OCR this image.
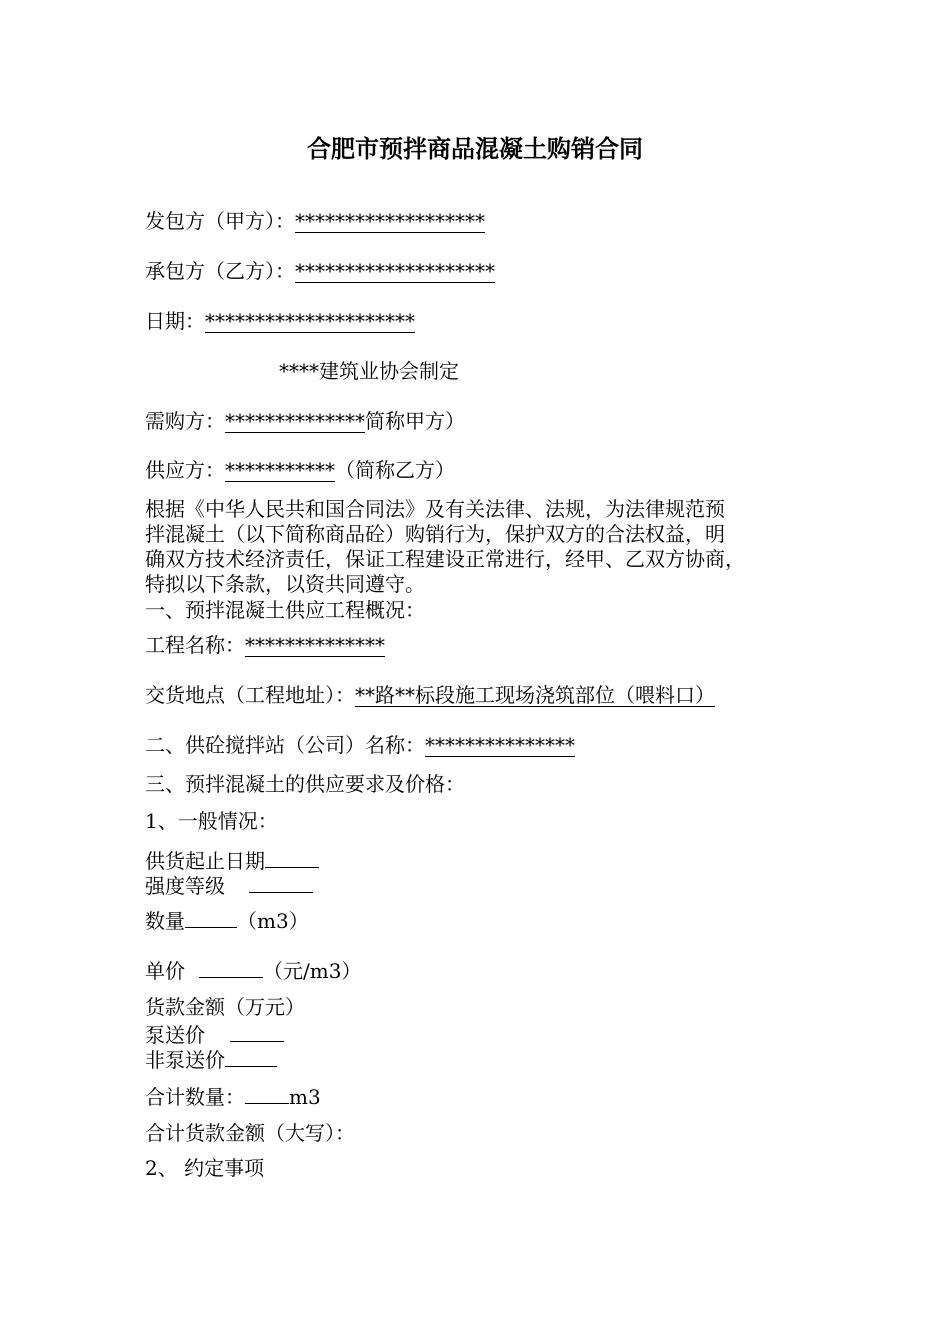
合肥市预拌商品混凝土购销合同
发包方（甲方）：*******************
承包方（乙方）：********************
日期：*********************
****建筑业协会制定
需购方：**************简称甲方）
供应方：***********（简称乙方）

根据《中华人民共和国合同法》及有关法律、法规，为法律规范预

拌混凝土（以下简称商品砼）购销行为，保护双方的合法权益，明

确双方技术经济责任，保证工程建设正常进行，经甲、乙双方协商，

特拟以下条款，以资共同遵守。

一、预拌混凝土供应工程概况：
工程名称：**************
交货地点（工程地址）：**路**标段施工现场浇筑部位（喂料口）
二、供砼搅拌站（公司）名称：***************
三、预拌混凝土的供应要求及价格：
1、一般情况：
供货起止日期
强度等级
数量	（m3）
单价	（元/m3）
货款金额（万元）
泵送价
非泵送价
合计数量： m3
合计货款金额（大写）：
2、 约定事项
